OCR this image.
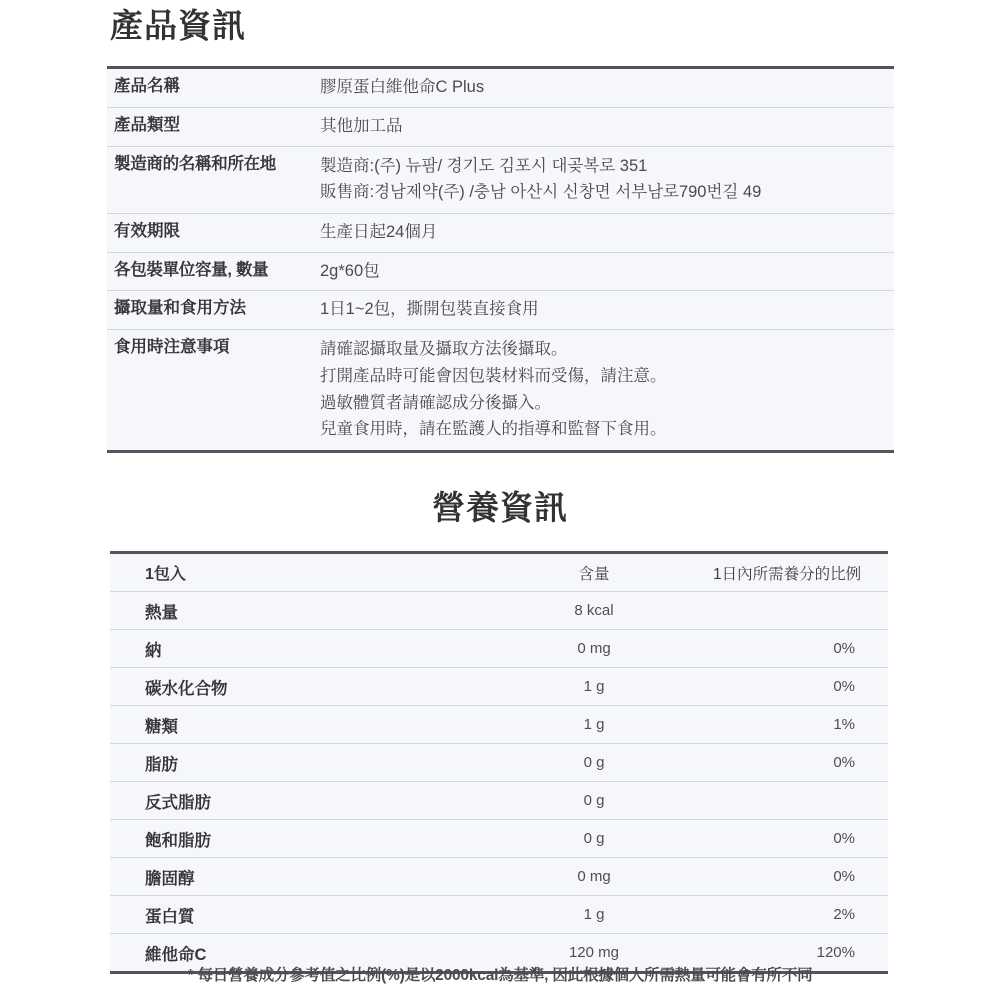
產品資訊
產品名稱	膠原蛋白維他命C Plus

產品類型	其他加工品

製造商的名稱和所在地	製造商:(주) 뉴팜/ 경기도 김포시 대곶복로 351
販售商:경남제약(주) /충남 아산시 신창면 서부남로790번길 49

有效期限	生產日起24個月

各包裝單位容量, 數量	2g*60包

攝取量和食用方法	1日1~2包，撕開包裝直接食用

食用時注意事項	請確認攝取量及攝取方法後攝取。
打開產品時可能會因包裝材料而受傷，請注意。
過敏體質者請確認成分後攝入。
兒童食用時，請在監護人的指導和監督下食用。
營養資訊
1包入	含量	1日內所需養分的比例
熱量	8 kcal	
納	0 mg	0%
碳水化合物	1 g	0%
糖類	1 g	1%
脂肪	0 g	0%
反式脂肪	0 g	
飽和脂肪	0 g	0%
膽固醇	0 mg	0%
蛋白質	1 g	2%
維他命C	120 mg	120%
* 每日營養成分參考值之比例(%)是以2000kcal為基準, 因此根據個人所需熱量可能會有所不同
